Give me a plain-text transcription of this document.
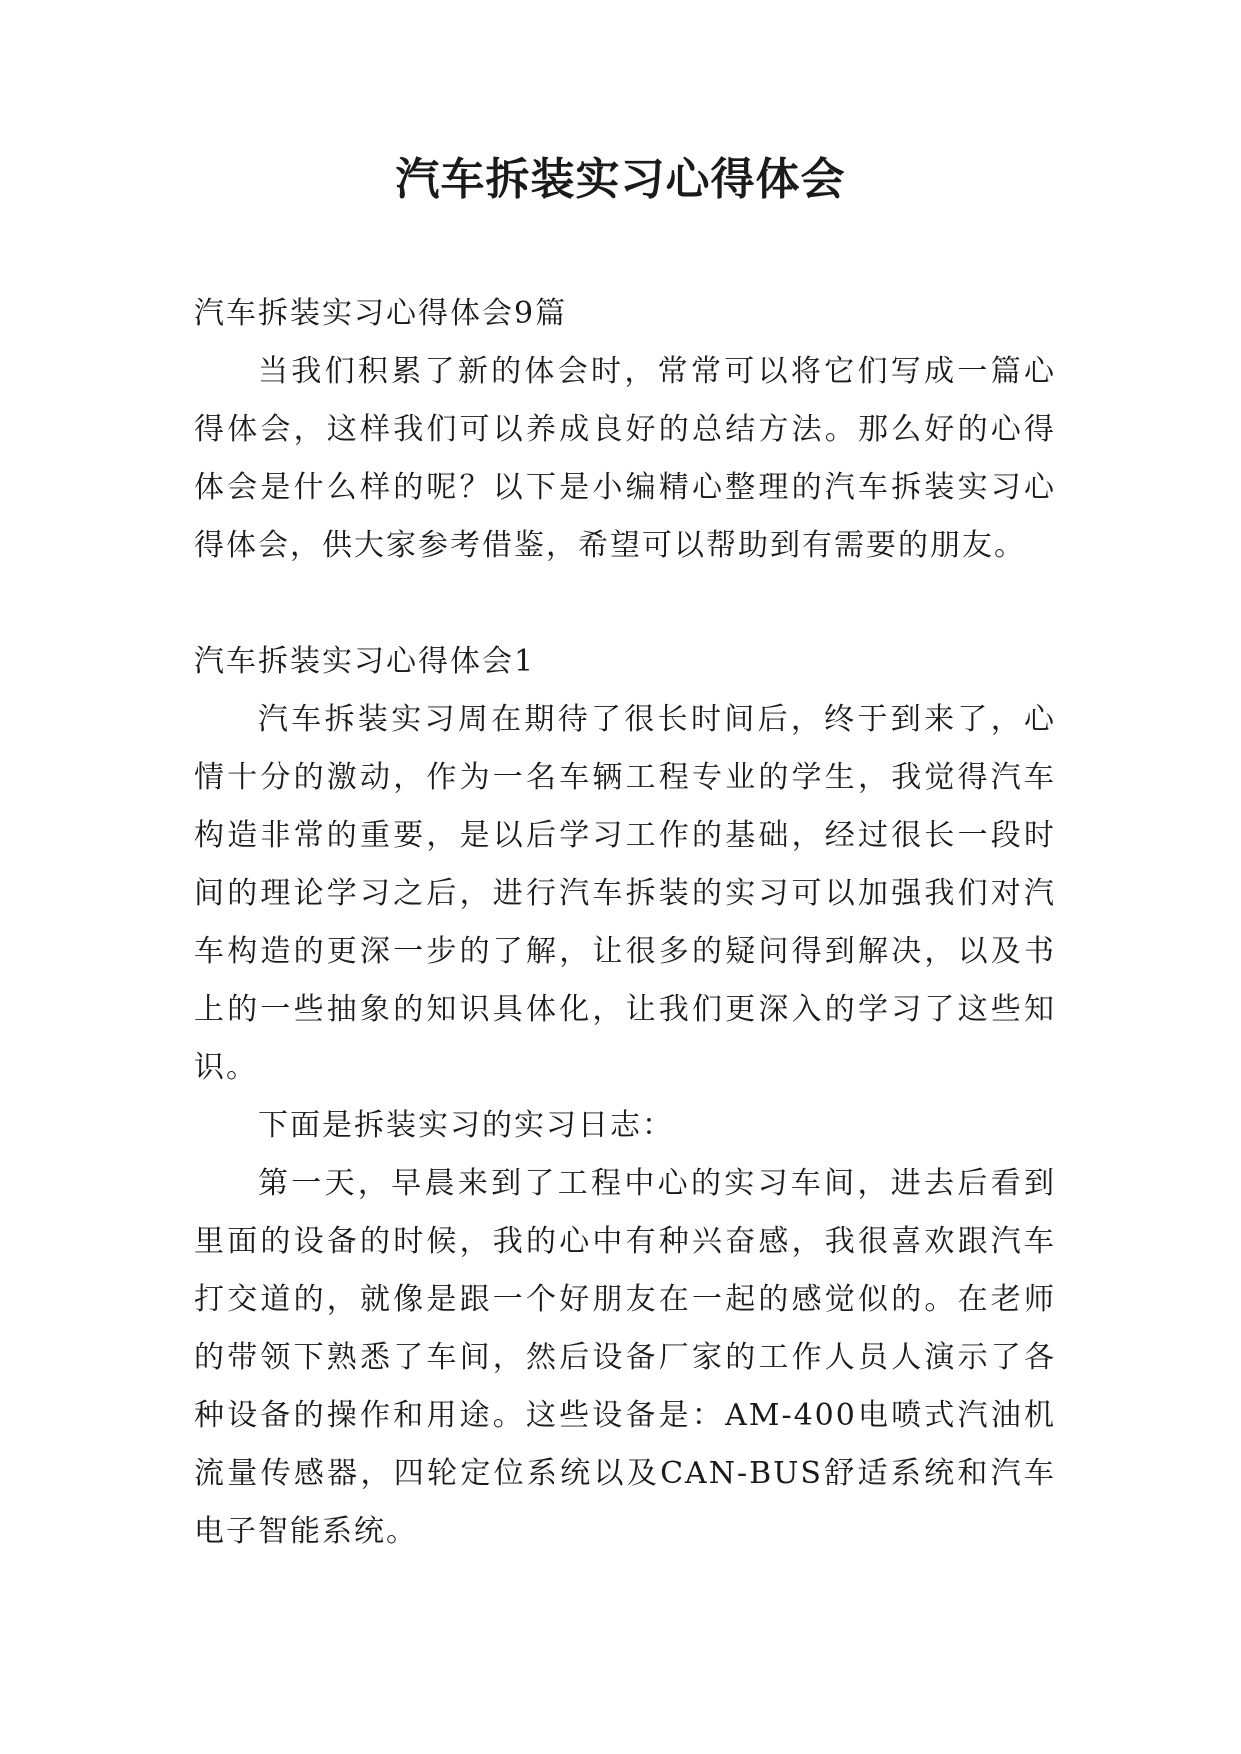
汽车拆装实习心得体会

汽车拆装实习心得体会9篇

当我们积累了新的体会时，常常可以将它们写成一篇心得体会，这样我们可以养成良好的总结方法。那么好的心得体会是什么样的呢？以下是小编精心整理的汽车拆装实习心得体会，供大家参考借鉴，希望可以帮助到有需要的朋友。

汽车拆装实习心得体会1

汽车拆装实习周在期待了很长时间后，终于到来了，心情十分的激动，作为一名车辆工程专业的学生，我觉得汽车构造非常的重要，是以后学习工作的基础，经过很长一段时间的理论学习之后，进行汽车拆装的实习可以加强我们对汽车构造的更深一步的了解，让很多的疑问得到解决，以及书上的一些抽象的知识具体化，让我们更深入的学习了这些知识。

下面是拆装实习的实习日志：

第一天，早晨来到了工程中心的实习车间，进去后看到里面的设备的时候，我的心中有种兴奋感，我很喜欢跟汽车打交道的，就像是跟一个好朋友在一起的感觉似的。在老师的带领下熟悉了车间，然后设备厂家的工作人员人演示了各种设备的操作和用途。这些设备是：AM-400电喷式汽油机流量传感器，四轮定位系统以及CAN-BUS舒适系统和汽车电子智能系统。
